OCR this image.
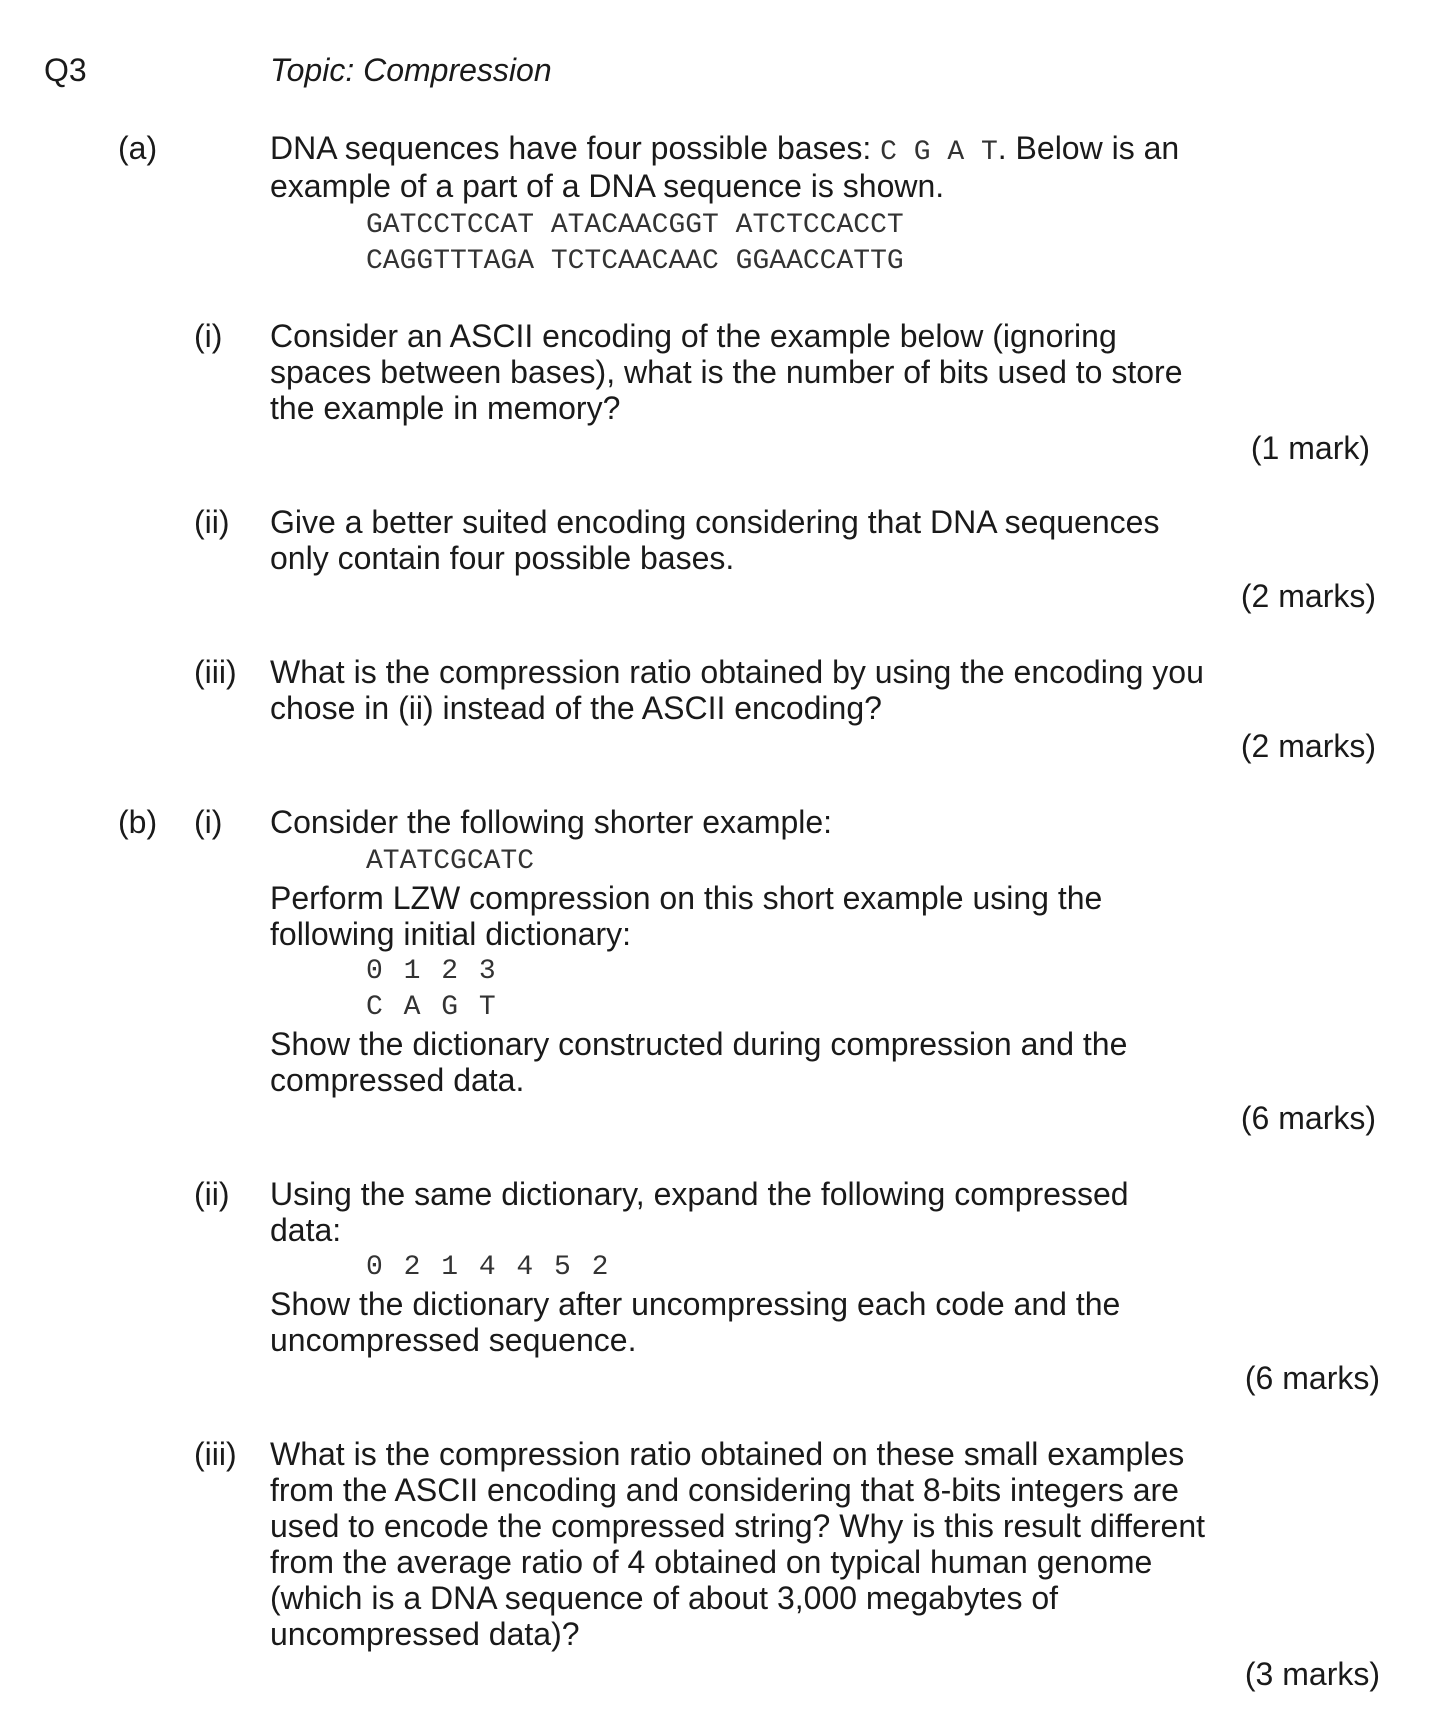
Q3	Topic: Compression
(a)	DNA sequences have four possible bases: C G A T. Below is an
example of a part of a DNA sequence is shown.
GATCCTCCAT ATACAACGGT ATCTCCACCT
CAGGTTTAGA TCTCAACAAC GGAACCATTG
(i) Consider an ASCII encoding of the example below (ignoring
spaces between bases), what is the number of bits used to store
the example in memory?
(1 mark)
(ii) Give a better suited encoding considering that DNA sequences
only contain four possible bases.
(2 marks)
(iii) What is the compression ratio obtained by using the encoding you
chose in (ii) instead of the ASCII encoding?
(2 marks)
(b) (i) Consider the following shorter example:
ATATCGCATC
Perform LZW compression on this short example using the
following initial dictionary:
0 1 2 3
C A G T
Show the dictionary constructed during compression and the
compressed data.
(6 marks)
(ii) Using the same dictionary, expand the following compressed
data:
0 2 1 4 4 5 2
Show the dictionary after uncompressing each code and the
uncompressed sequence.
(6 marks)
(iii) What is the compression ratio obtained on these small examples
from the ASCII encoding and considering that 8-bits integers are
used to encode the compressed string? Why is this result different
from the average ratio of 4 obtained on typical human genome
(which is a DNA sequence of about 3,000 megabytes of
uncompressed data)?
(3 marks)
